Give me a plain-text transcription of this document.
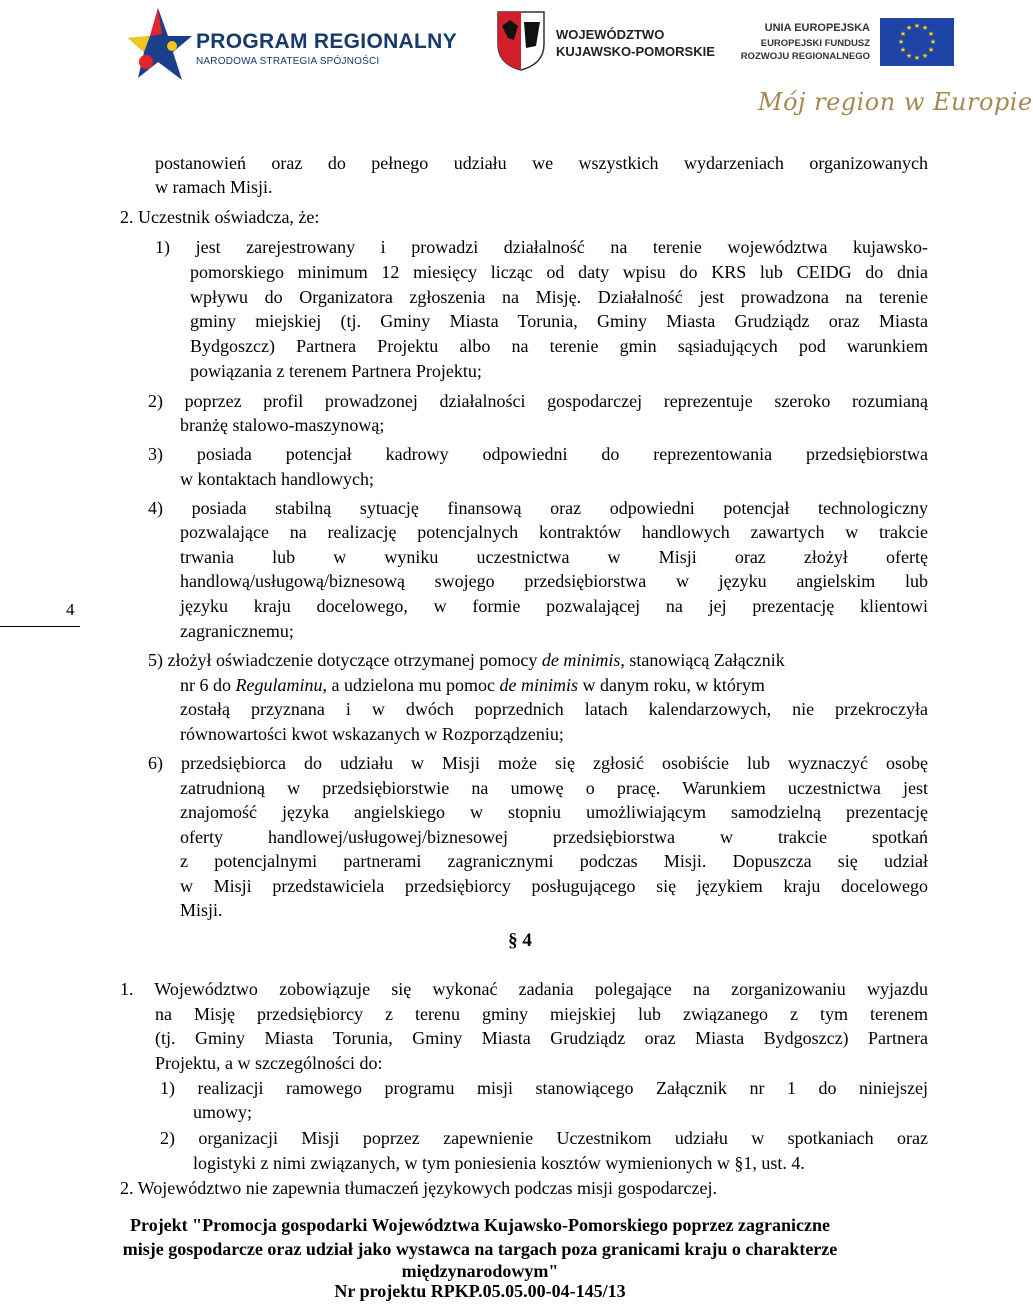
PROGRAM REGIONALNY
NARODOWA STRATEGIA SPÓJNOŚCI
WOJEWÓDZTWO
KUJAWSKO-POMORSKIE
UNIA EUROPEJSKA
EUROPEJSKI FUNDUSZ
ROZWOJU REGIONALNEGO
★ ★
★
★
★
★
★
★
★
★
★
★
Mój region w Europie
4
postanowień oraz do pełnego udziału we wszystkich wydarzeniach organizowanych
w ramach Misji.
2. Uczestnik oświadcza, że:
1) jest zarejestrowany i prowadzi działalność na terenie województwa kujawsko-
pomorskiego minimum 12 miesięcy licząc od daty wpisu do KRS lub CEIDG do dnia
wpływu do Organizatora zgłoszenia na Misję. Działalność jest prowadzona na terenie
gminy miejskiej (tj. Gminy Miasta Torunia, Gminy Miasta Grudziądz oraz Miasta
Bydgoszcz) Partnera Projektu albo na terenie gmin sąsiadujących pod warunkiem
powiązania z terenem Partnera Projektu;
2) poprzez profil prowadzonej działalności gospodarczej reprezentuje szeroko rozumianą
branżę stalowo-maszynową;
3) posiada potencjał kadrowy odpowiedni do reprezentowania przedsiębiorstwa
w kontaktach handlowych;
4) posiada stabilną sytuację finansową oraz odpowiedni potencjał technologiczny
pozwalające na realizację potencjalnych kontraktów handlowych zawartych w trakcie
trwania lub w wyniku uczestnictwa w Misji oraz złożył ofertę
handlową/usługową/biznesową swojego przedsiębiorstwa w języku angielskim lub
języku kraju docelowego, w formie pozwalającej na jej prezentację klientowi
zagranicznemu;
5) złożył oświadczenie dotyczące otrzymanej pomocy de minimis, stanowiącą Załącznik
nr 6 do Regulaminu, a udzielona mu pomoc de minimis w danym roku, w którym
zostałą przyznana i w dwóch poprzednich latach kalendarzowych, nie przekroczyła
równowartości kwot wskazanych w Rozporządzeniu;
6) przedsiębiorca do udziału w Misji może się zgłosić osobiście lub wyznaczyć osobę
zatrudnioną w przedsiębiorstwie na umowę o pracę. Warunkiem uczestnictwa jest
znajomość języka angielskiego w stopniu umożliwiającym samodzielną prezentację
oferty handlowej/usługowej/biznesowej przedsiębiorstwa w trakcie spotkań
z potencjalnymi partnerami zagranicznymi podczas Misji. Dopuszcza się udział
w Misji przedstawiciela przedsiębiorcy posługującego się językiem kraju docelowego
Misji.
§ 4
1. Województwo zobowiązuje się wykonać zadania polegające na zorganizowaniu wyjazdu
na Misję przedsiębiorcy z terenu gminy miejskiej lub związanego z tym terenem
(tj. Gminy Miasta Torunia, Gminy Miasta Grudziądz oraz Miasta Bydgoszcz) Partnera
Projektu, a w szczególności do:
1) realizacji ramowego programu misji stanowiącego Załącznik nr 1 do niniejszej
umowy;
2) organizacji Misji poprzez zapewnienie Uczestnikom udziału w spotkaniach oraz
logistyki z nimi związanych, w tym poniesienia kosztów wymienionych w §1, ust. 4.
2. Województwo nie zapewnia tłumaczeń językowych podczas misji gospodarczej.
Projekt "Promocja gospodarki Województwa Kujawsko-Pomorskiego poprzez zagraniczne
misje gospodarcze oraz udział jako wystawca na targach poza granicami kraju o charakterze
międzynarodowym"
Nr projektu RPKP.05.05.00-04-145/13
